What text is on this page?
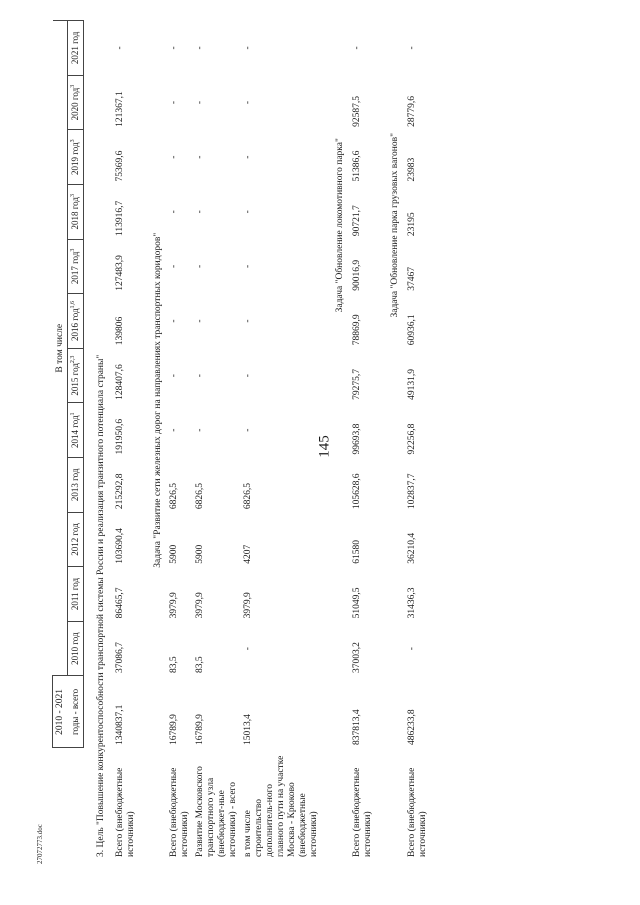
145
27072773.doc
	2010 - 2021	В том числе											
	годы - всего	2010 год	2011 год	2012 год	2013 год	2014 год$^1$	2015 год$^{2,3}$	2016 год$^{1,6}$	2017 год$^3$	2018 год$^3$	2019 год$^3$	2020 год$^3$	2021 год
3. Цель "Повышение конкурентоспособности транспортной системы России и реализация транзитного потенциала страны"													
Всего (внебюджетные источники)	1340837,1	37086,7	86465,7	103690,4	215292,8	191950,6	128407,6	139806	127483,9	113916,7	75369,6	121367,1	-
Задача "Развитие сети железных дорог на направлениях транспортных коридоров"													
Всего (внебюджетные источники)	16789,9	83,5	3979,9	5900	6826,5	-	-	-	-	-	-	-	-
Развитие Московского транспортного узла (внебюджет-ные источники) - всего	16789,9	83,5	3979,9	5900	6826,5	-	-	-	-	-	-	-	-
в том числе строительство дополнитель-ного главного пути на участке Москва - Крюково (внебюджетные источники)	15013,4	-	3979,9	4207	6826,5	-	-	-	-	-	-	-	-
Задача "Обновление локомотивного парка"													
Всего (внебюджетные источники)	837813,4	37003,2	51049,5	61580	105628,6	99693,8	79275,7	78869,9	90016,9	90721,7	51386,6	92587,5	-
Задача "Обновление парка грузовых вагонов"													
Всего (внебюджетные источники)	486233,8	-	31436,3	36210,4	102837,7	92256,8	49131,9	60936,1	37467	23195	23983	28779,6	-
